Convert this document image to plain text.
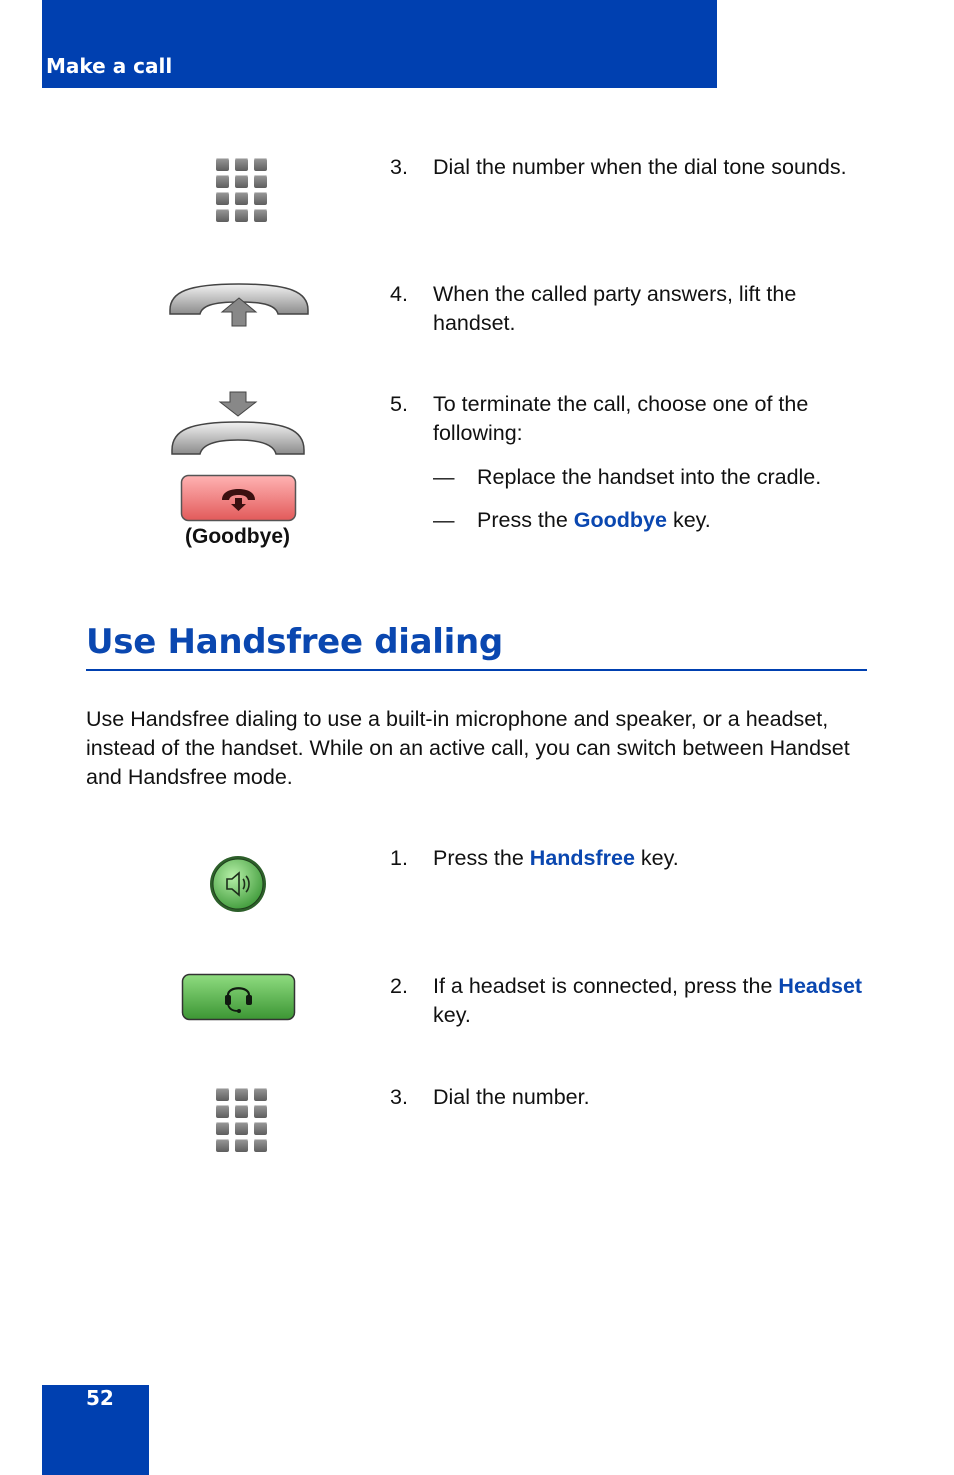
Make a call
3. Dial the number when the dial tone sounds.
4. When the called party answers, lift the handset.
(Goodbye)
5. To terminate the call, choose one of the following:
— Replace the handset into the cradle.
— Press the Goodbye key.
Use Handsfree dialing

Use Handsfree dialing to use a built-in microphone and speaker, or a headset, instead of the handset. While on an active call, you can switch between Handset and Handsfree mode.

1. Press the Handsfree key.
2. If a headset is connected, press the Headset key.
3. Dial the number.
52
